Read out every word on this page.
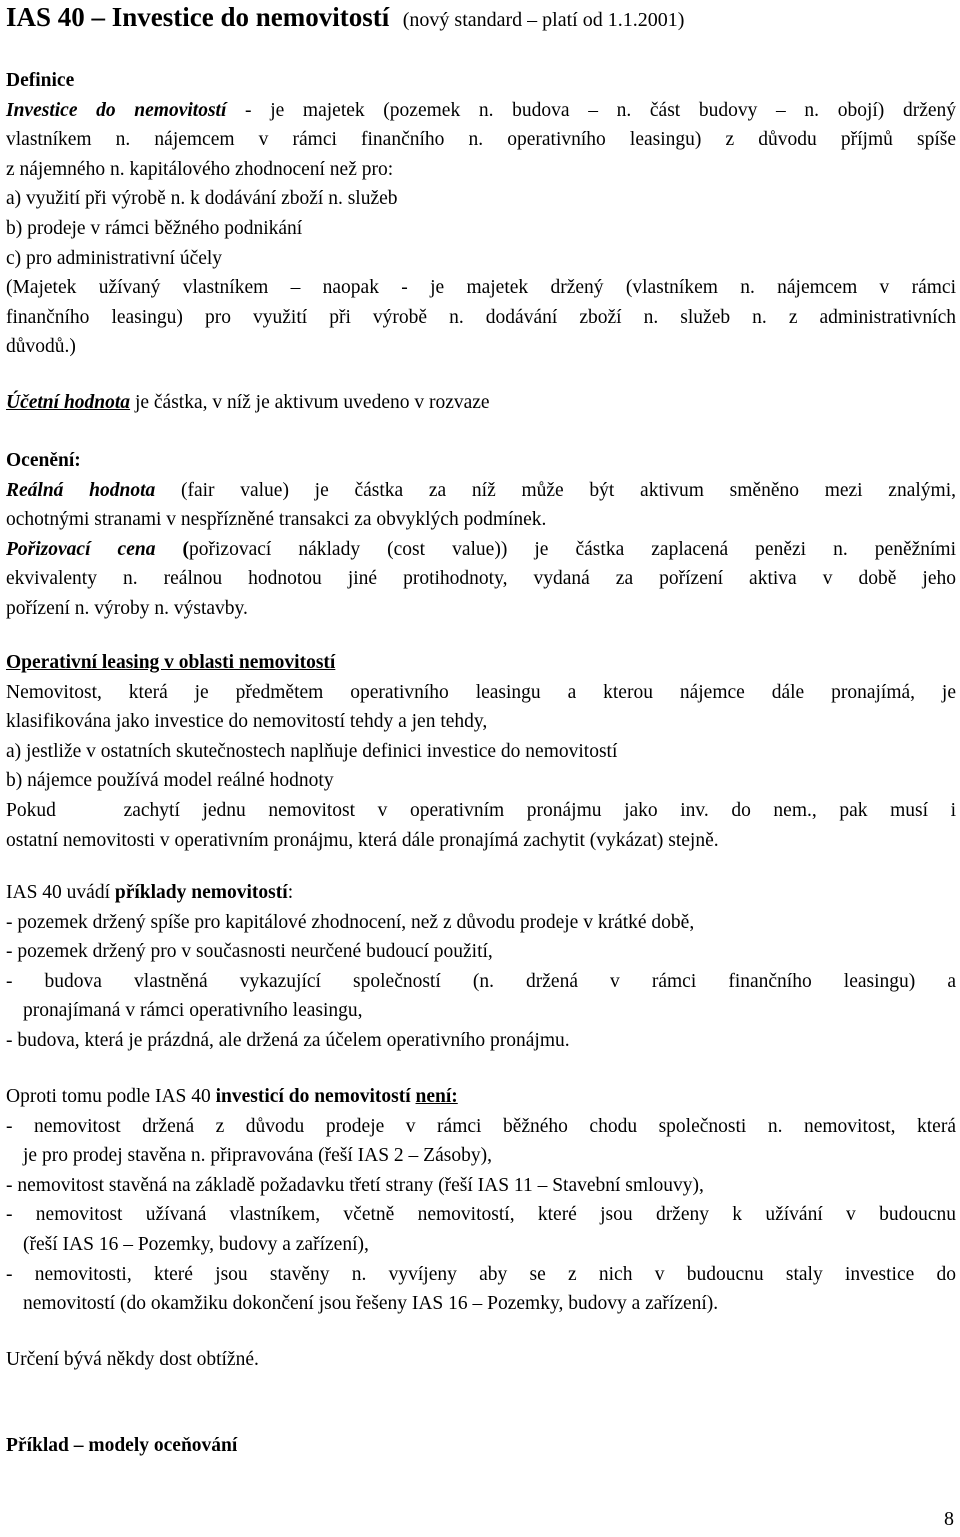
IAS 40 – Investice do nemovitostí (nový standard – platí od 1.1.2001)
Definice
Investice do nemovitostí - je majetek (pozemek n. budova – n. část budovy – n. obojí) držený
vlastníkem n. nájemcem v rámci finančního n. operativního leasingu) z důvodu příjmů spíše
z nájemného n. kapitálového zhodnocení než pro:
a) využití při výrobě n. k dodávání zboží n. služeb
b) prodeje v rámci běžného podnikání
c) pro administrativní účely
(Majetek užívaný vlastníkem – naopak - je majetek držený (vlastníkem n. nájemcem v rámci
finančního leasingu) pro využití při výrobě n. dodávání zboží n. služeb n. z administrativních
důvodů.)
Účetní hodnota je částka, v níž je aktivum uvedeno v rozvaze
Ocenění:
Reálná hodnota (fair value) je částka za níž může být aktivum směněno mezi znalými,
ochotnými stranami v nespřízněné transakci za obvyklých podmínek.
Pořizovací cena (pořizovací náklady (cost value)) je částka zaplacená penězi n. peněžními
ekvivalenty n. reálnou hodnotou jiné protihodnoty, vydaná za pořízení aktiva v době jeho
pořízení n. výroby n. výstavby.
Operativní leasing v oblasti nemovitostí
Nemovitost, která je předmětem operativního leasingu a kterou nájemce dále pronajímá, je
klasifikována jako investice do nemovitostí tehdy a jen tehdy,
a) jestliže v ostatních skutečnostech naplňuje definici investice do nemovitostí
b) nájemce používá model reálné hodnoty
Pokud   zachytí jednu nemovitost v operativním pronájmu jako inv. do nem., pak musí i
ostatní nemovitosti v operativním pronájmu, která dále pronajímá zachytit (vykázat) stejně.
IAS 40 uvádí příklady nemovitostí:
- pozemek držený spíše pro kapitálové zhodnocení, než z důvodu prodeje v krátké době,
- pozemek držený pro v současnosti neurčené budoucí použití,
- budova vlastněná vykazující společností (n. držená v rámci finančního leasingu) a
pronajímaná v rámci operativního leasingu,
- budova, která je prázdná, ale držená za účelem operativního pronájmu.
Oproti tomu podle IAS 40 investicí do nemovitostí není:
- nemovitost držená z důvodu prodeje v rámci běžného chodu společnosti n. nemovitost, která
je pro prodej stavěna n. připravována (řeší IAS 2 – Zásoby),
- nemovitost stavěná na základě požadavku třetí strany (řeší IAS 11 – Stavební smlouvy),
- nemovitost užívaná vlastníkem, včetně nemovitostí, které jsou drženy k užívání v budoucnu
(řeší IAS 16 – Pozemky, budovy a zařízení),
- nemovitosti, které jsou stavěny n. vyvíjeny aby se z nich v budoucnu staly investice do
nemovitostí (do okamžiku dokončení jsou řešeny IAS 16 – Pozemky, budovy a zařízení).
Určení bývá někdy dost obtížné.
Příklad – modely oceňování
8
